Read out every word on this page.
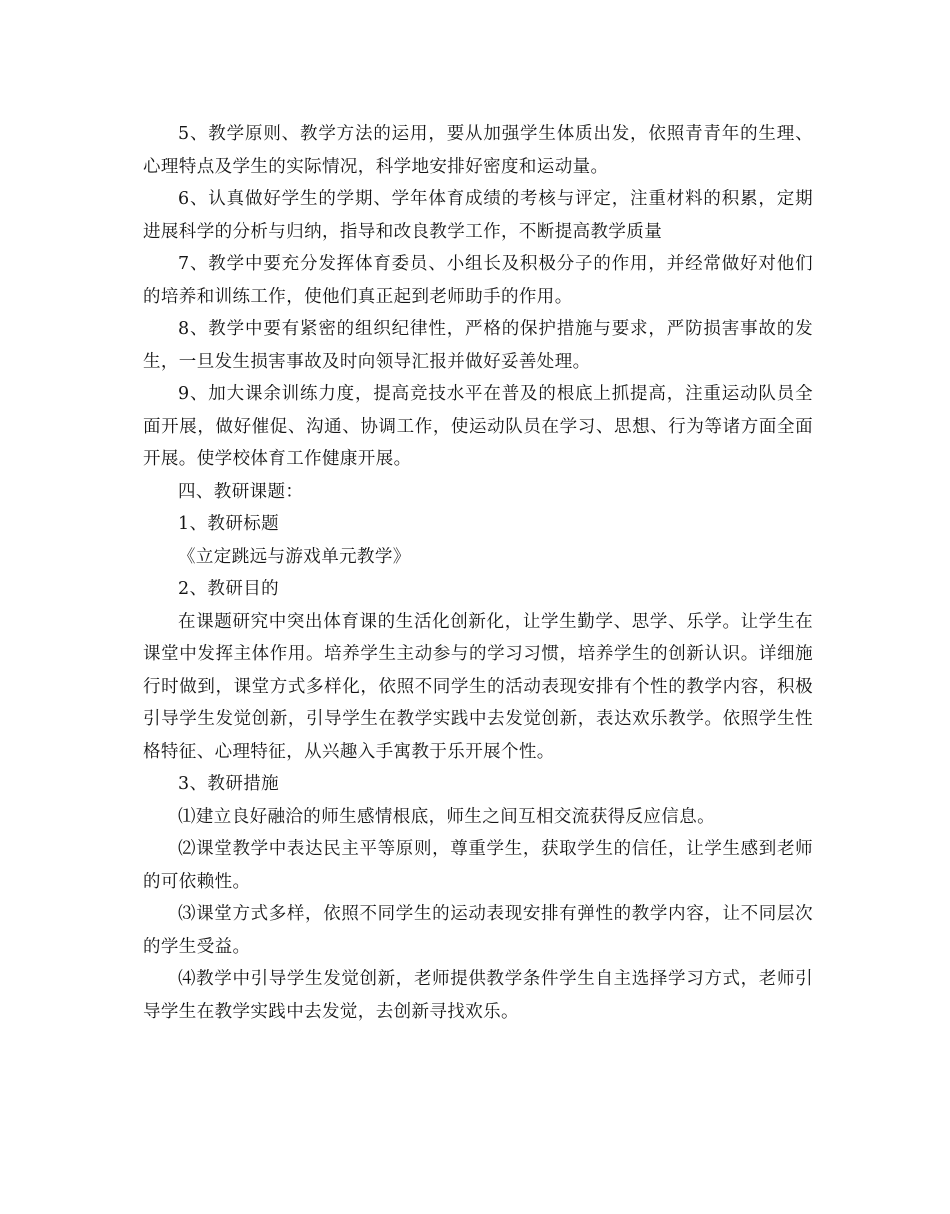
5、教学原则、教学方法的运用，要从加强学生体质出发，依照青青年的生理、心理特点及学生的实际情况，科学地安排好密度和运动量。

6、认真做好学生的学期、学年体育成绩的考核与评定，注重材料的积累，定期进展科学的分析与归纳，指导和改良教学工作，不断提高教学质量

7、教学中要充分发挥体育委员、小组长及积极分子的作用，并经常做好对他们的培养和训练工作，使他们真正起到老师助手的作用。

8、教学中要有紧密的组织纪律性，严格的保护措施与要求，严防损害事故的发生，一旦发生损害事故及时向领导汇报并做好妥善处理。

9、加大课余训练力度，提高竞技水平在普及的根底上抓提高，注重运动队员全面开展，做好催促、沟通、协调工作，使运动队员在学习、思想、行为等诸方面全面开展。使学校体育工作健康开展。

四、教研课题：

1、教研标题

《立定跳远与游戏单元教学》

2、教研目的

在课题研究中突出体育课的生活化创新化，让学生勤学、思学、乐学。让学生在课堂中发挥主体作用。培养学生主动参与的学习习惯，培养学生的创新认识。详细施行时做到，课堂方式多样化，依照不同学生的活动表现安排有个性的教学内容，积极引导学生发觉创新，引导学生在教学实践中去发觉创新，表达欢乐教学。依照学生性格特征、心理特征，从兴趣入手寓教于乐开展个性。

3、教研措施

⑴建立良好融洽的师生感情根底，师生之间互相交流获得反应信息。

⑵课堂教学中表达民主平等原则，尊重学生，获取学生的信任，让学生感到老师的可依赖性。

⑶课堂方式多样，依照不同学生的运动表现安排有弹性的教学内容，让不同层次的学生受益。

⑷教学中引导学生发觉创新，老师提供教学条件学生自主选择学习方式，老师引导学生在教学实践中去发觉，去创新寻找欢乐。
